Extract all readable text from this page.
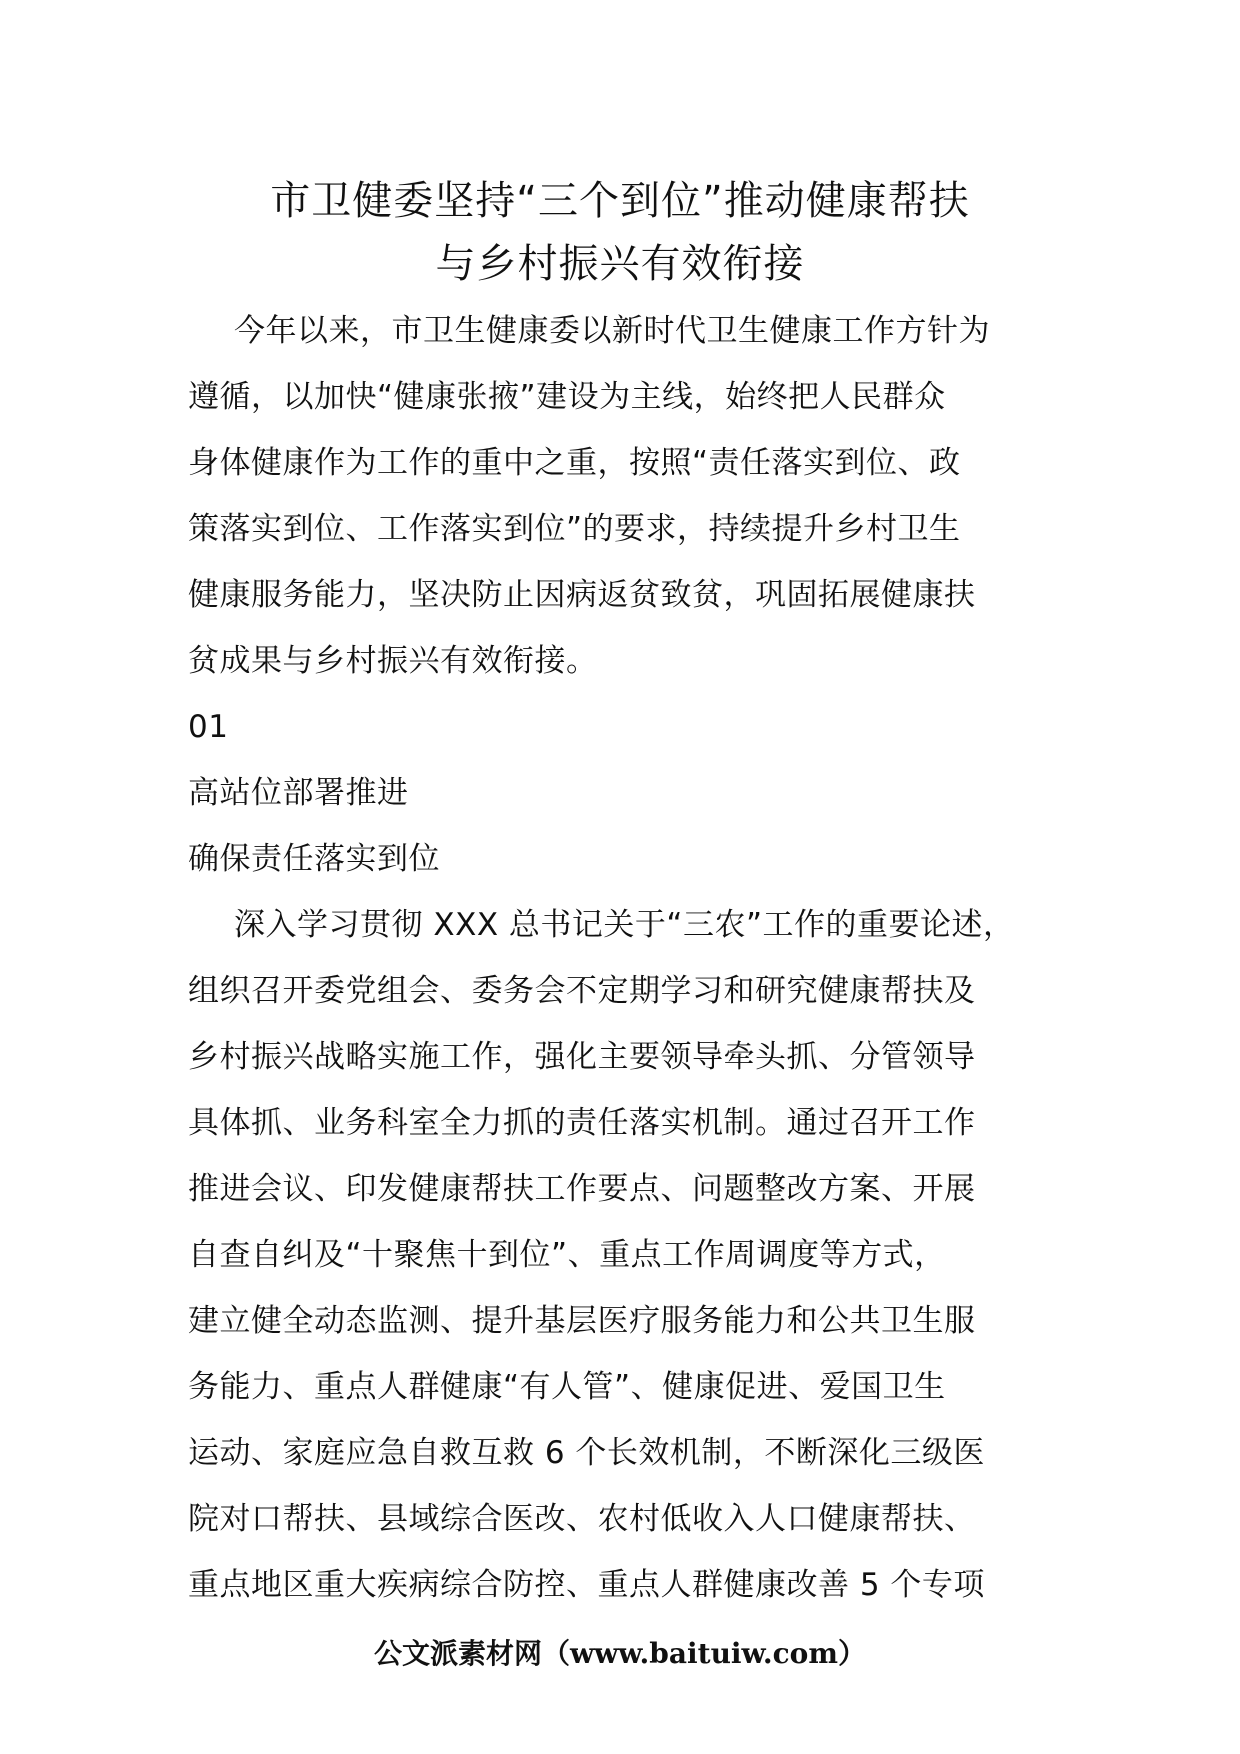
市卫健委坚持“三个到位”推动健康帮扶
与乡村振兴有效衔接
今年以来，市卫生健康委以新时代卫生健康工作方针为
遵循，以加快“健康张掖”建设为主线，始终把人民群众
身体健康作为工作的重中之重，按照“责任落实到位、政
策落实到位、工作落实到位”的要求，持续提升乡村卫生
健康服务能力，坚决防止因病返贫致贫，巩固拓展健康扶
贫成果与乡村振兴有效衔接。
01
高站位部署推进
确保责任落实到位
深入学习贯彻 XXX 总书记关于“三农”工作的重要论述，
组织召开委党组会、委务会不定期学习和研究健康帮扶及
乡村振兴战略实施工作，强化主要领导牵头抓、分管领导
具体抓、业务科室全力抓的责任落实机制。通过召开工作
推进会议、印发健康帮扶工作要点、问题整改方案、开展
自查自纠及“十聚焦十到位”、重点工作周调度等方式，
建立健全动态监测、提升基层医疗服务能力和公共卫生服
务能力、重点人群健康“有人管”、健康促进、爱国卫生
运动、家庭应急自救互救 6 个长效机制，不断深化三级医
院对口帮扶、县域综合医改、农村低收入人口健康帮扶、
重点地区重大疾病综合防控、重点人群健康改善 5 个专项
公文派素材网（www.baituiw.com）
